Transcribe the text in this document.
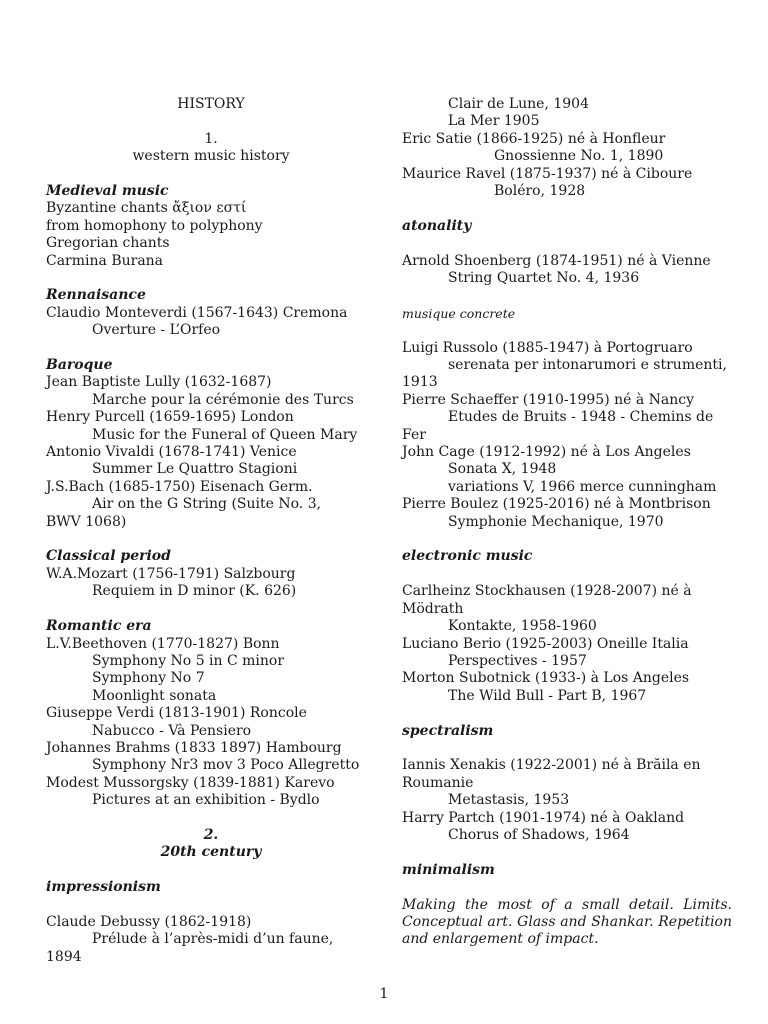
HISTORY
1.
western music history
Medieval music
Byzantine chants ἄξιον εστί
from homophony to polyphony
Gregorian chants
Carmina Burana
Rennaisance
Claudio Monteverdi (1567-1643) Cremona
Overture - L’Orfeo
Baroque
Jean Baptiste Lully (1632-1687)
Marche pour la cérémonie des Turcs
Henry Purcell (1659-1695) London
Music for the Funeral of Queen Mary
Antonio Vivaldi (1678-1741) Venice
Summer Le Quattro Stagioni
J.S.Bach (1685-1750) Eisenach Germ.
Air on the G String (Suite No. 3,
BWV 1068)
Classical period
W.A.Mozart (1756-1791) Salzbourg
Requiem in D minor (K. 626)
Romantic era
L.V.Beethoven (1770-1827) Bonn
Symphony No 5 in C minor
Symphony No 7
Moonlight sonata
Giuseppe Verdi (1813-1901) Roncole
Nabucco - Và Pensiero
Johannes Brahms (1833 1897) Hambourg
Symphony Nr3 mov 3 Poco Allegretto
Modest Mussorgsky (1839-1881) Karevo
Pictures at an exhibition - Bydlo
2.
20th century
impressionism
Claude Debussy (1862-1918)
Prélude à l’après-midi d’un faune,
1894
Clair de Lune, 1904
La Mer 1905
Eric Satie (1866-1925) né à Honfleur
Gnossienne No. 1, 1890
Maurice Ravel (1875-1937) né à Ciboure
Boléro, 1928
atonality
Arnold Shoenberg (1874-1951) né à Vienne
String Quartet No. 4, 1936
musique concrete
Luigi Russolo (1885-1947) à Portogruaro
serenata per intonarumori e strumenti,
1913
Pierre Schaeffer (1910-1995) né à Nancy
Etudes de Bruits - 1948 - Chemins de
Fer
John Cage (1912-1992) né à Los Angeles
Sonata X, 1948
variations V, 1966 merce cunningham
Pierre Boulez (1925-2016) né à Montbrison
Symphonie Mechanique, 1970
electronic music
Carlheinz Stockhausen (1928-2007) né à
Mödrath
Kontakte, 1958-1960
Luciano Berio (1925-2003) Oneille Italia
Perspectives - 1957
Morton Subotnick (1933-) à Los Angeles
The Wild Bull - Part B, 1967
spectralism
Iannis Xenakis (1922-2001) né à Brăila en
Roumanie
Metastasis, 1953
Harry Partch (1901-1974) né à Oakland
Chorus of Shadows, 1964
minimalism
Making the most of a small detail. Limits. Conceptual art. Glass and Shankar. Repetition and enlargement of impact.
1
